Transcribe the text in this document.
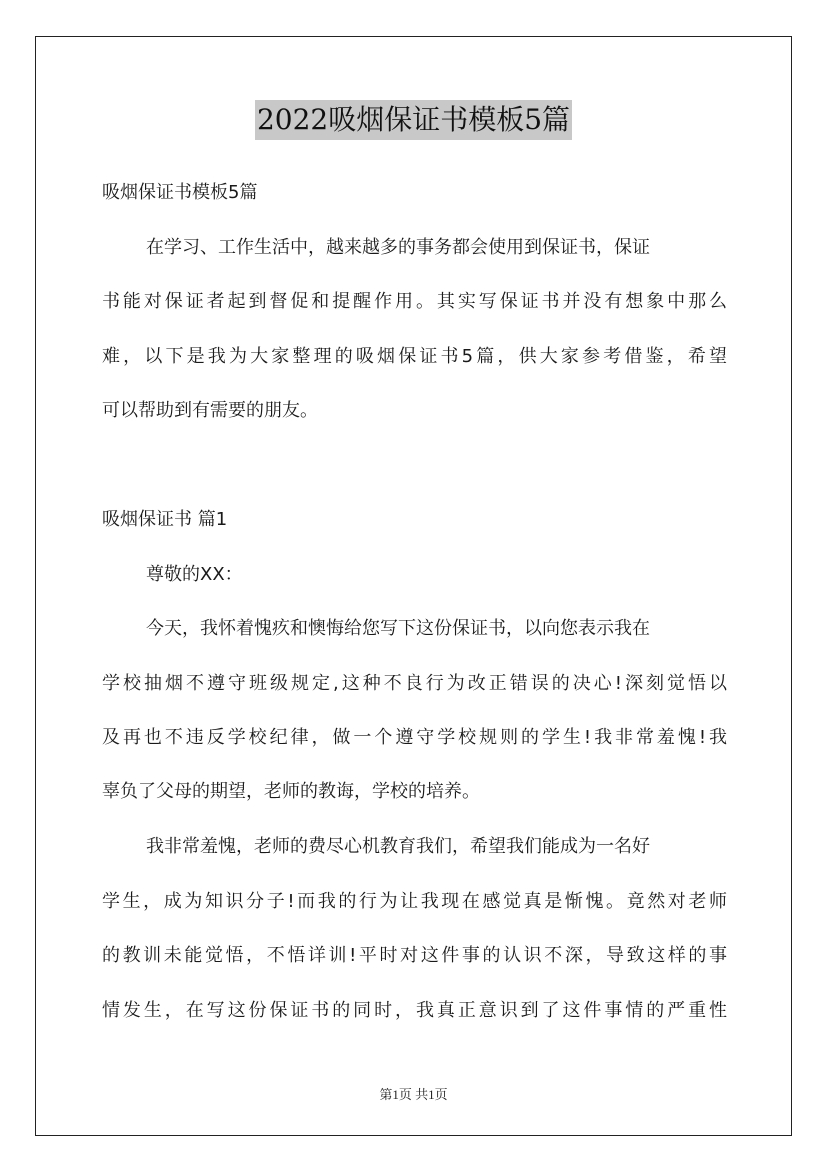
2022吸烟保证书模板5篇
吸烟保证书模板5篇
在学习、工作生活中，越来越多的事务都会使用到保证书，保证
书能对保证者起到督促和提醒作用。其实写保证书并没有想象中那么
难，以下是我为大家整理的吸烟保证书5篇，供大家参考借鉴，希望
可以帮助到有需要的朋友。
吸烟保证书 篇1
尊敬的XX：
今天，我怀着愧疚和懊悔给您写下这份保证书，以向您表示我在
学校抽烟不遵守班级规定,这种不良行为改正错误的决心!深刻觉悟以
及再也不违反学校纪律，做一个遵守学校规则的学生!我非常羞愧!我
辜负了父母的期望，老师的教诲，学校的培养。
我非常羞愧，老师的费尽心机教育我们，希望我们能成为一名好
学生，成为知识分子!而我的行为让我现在感觉真是惭愧。竟然对老师
的教训未能觉悟，不悟详训!平时对这件事的认识不深，导致这样的事
情发生，在写这份保证书的同时，我真正意识到了这件事情的严重性
第1页 共1页
